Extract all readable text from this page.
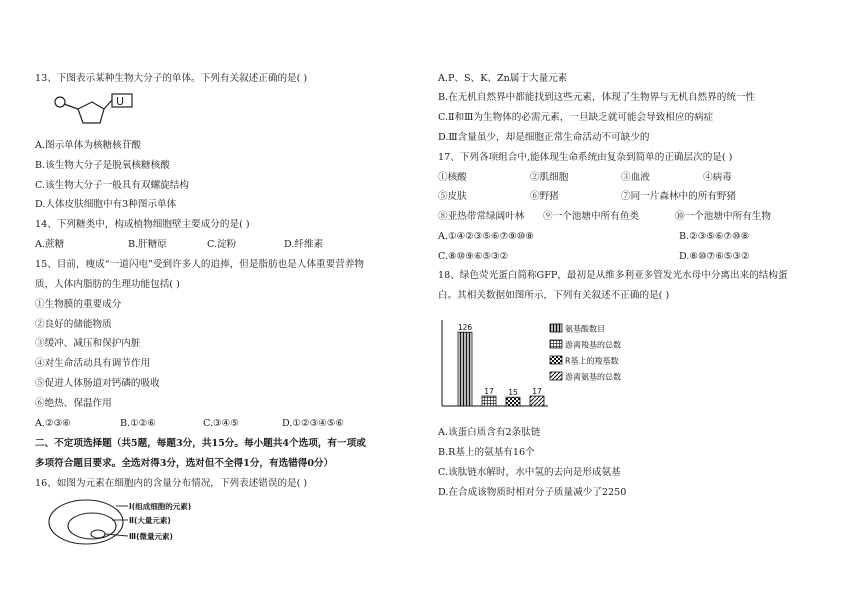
13、下图表示某种生物大分子的单体。下列有关叙述正确的是( )
U
A.图示单体为核糖核苷酸
B.该生物大分子是脱氧核糖核酸
C.该生物大分子一般具有双螺旋结构
D.人体皮肤细胞中有3种图示单体
14、下列糖类中，构成植物细胞壁主要成分的是( )
A.蔗糖	B.肝糖原	C.淀粉	D.纤维素
15、目前，瘦成“一道闪电”受到许多人的追捧，但是脂肪也是人体重要营养物
质，人体内脂肪的生理功能包括( )
①生物膜的重要成分
②良好的储能物质
③缓冲、减压和保护内脏
④对生命活动具有调节作用
⑤促进人体肠道对钙磷的吸收
⑥绝热、保温作用
A.②③⑥	B.①②⑥	C.③④⑤	D.①②③④⑤⑥
二、不定项选择题（共5题，每题3分，共15分。每小题共4个选项，有一项或
多项符合题目要求。全选对得3分，选对但不全得1分，有选错得0分）
16、如图为元素在细胞内的含量分布情况，下列表述错误的是( )
Ⅰ(组成细胞的元素)
Ⅱ(大量元素)
Ⅲ(微量元素)
A.P、S、K、Zn属于大量元素
B.在无机自然界中都能找到这些元素，体现了生物界与无机自然界的统一性
C.Ⅱ和Ⅲ为生物体的必需元素，一旦缺乏就可能会导致相应的病症
D.Ⅲ含量虽少，却是细胞正常生命活动不可缺少的
17、下列各项组合中,能体现生命系统由复杂到简单的正确层次的是( )
①核酸	②肌细胞	③血液	④病毒
⑤皮肤	⑥野猪	⑦同一片森林中的所有野猪
⑧亚热带常绿阔叶林 ⑨一个池塘中所有鱼类	⑩一个池塘中所有生物
A.①④②③⑤⑥⑦⑨⑩⑧	B.②③⑤⑥⑦⑩⑧
C.⑧⑩⑨⑥⑤③②	D.⑧⑩⑦⑥⑤③②
18、绿色荧光蛋白简称GFP，最初是从维多利亚多管发光水母中分离出来的结构蛋
白。其相关数据如图所示，下列有关叙述不正确的是( )
126
17 15 17
氨基酸数目
游离羧基的总数
R基上的羧基数
游离氨基的总数
A.该蛋白质含有2条肽链
B.R基上的氨基有16个
C.该肽链水解时，水中氢的去向是形成氨基
D.在合成该物质时相对分子质量减少了2250
